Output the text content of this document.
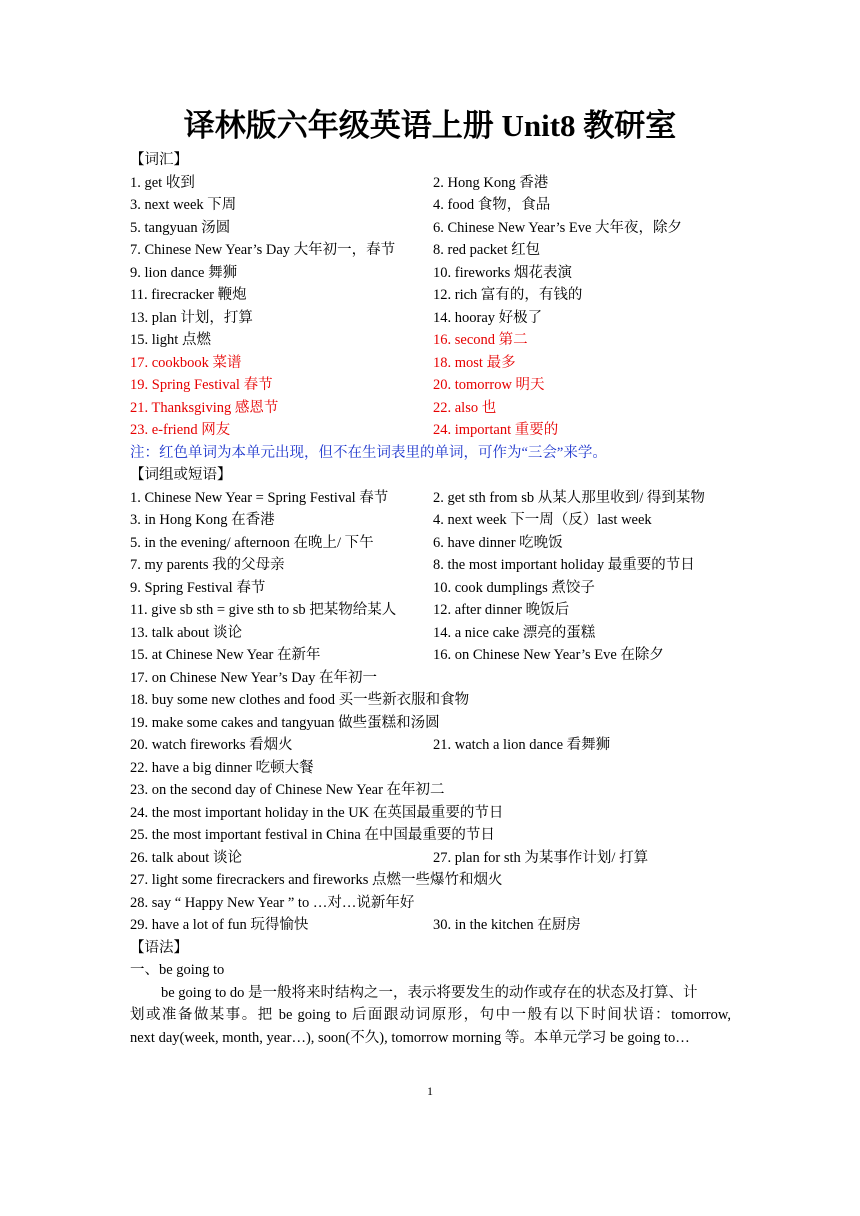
译林版六年级英语上册 Unit8 教研室
【词汇】
1. get 收到	2. Hong Kong 香港
3. next week 下周	4. food 食物，食品
5. tangyuan 汤圆	6. Chinese New Year’s Eve 大年夜，除夕
7. Chinese New Year’s Day 大年初一，春节	8. red packet 红包
9. lion dance 舞狮	10. fireworks 烟花表演
11. firecracker 鞭炮	12. rich 富有的，有钱的
13. plan 计划，打算	14. hooray 好极了
15. light 点燃	16. second 第二
17. cookbook 菜谱	18. most 最多
19. Spring Festival 春节	20. tomorrow 明天
21. Thanksgiving 感恩节	22. also 也
23. e-friend 网友	24. important 重要的
注：红色单词为本单元出现，但不在生词表里的单词，可作为“三会”来学。
【词组或短语】
1. Chinese New Year = Spring Festival 春节	2. get sth from sb 从某人那里收到/ 得到某物
3. in Hong Kong 在香港	4. next week 下一周（反）last week
5. in the evening/ afternoon 在晚上/ 下午	6. have dinner 吃晚饭
7. my parents 我的父母亲	8. the most important holiday 最重要的节日
9. Spring Festival 春节	10. cook dumplings 煮饺子
11. give sb sth = give sth to sb 把某物给某人	12. after dinner 晚饭后
13. talk about 谈论	14. a nice cake 漂亮的蛋糕
15. at Chinese New Year 在新年	16. on Chinese New Year’s Eve 在除夕
17. on Chinese New Year’s Day 在年初一
18. buy some new clothes and food 买一些新衣服和食物
19. make some cakes and tangyuan 做些蛋糕和汤圆
20. watch fireworks 看烟火	21. watch a lion dance 看舞狮
22. have a big dinner 吃顿大餐
23. on the second day of Chinese New Year 在年初二
24. the most important holiday in the UK 在英国最重要的节日
25. the most important festival in China 在中国最重要的节日
26. talk about 谈论	27. plan for sth 为某事作计划/ 打算
27. light some firecrackers and fireworks 点燃一些爆竹和烟火
28. say “ Happy New Year ” to …对…说新年好
29. have a lot of fun 玩得愉快	30. in the kitchen 在厨房
【语法】
一、be going to
be going to do 是一般将来时结构之一，表示将要发生的动作或存在的状态及打算、计
划或准备做某事。把 be going to 后面跟动词原形，句中一般有以下时间状语：tomorrow,
next day(week, month, year…), soon(不久), tomorrow morning 等。本单元学习 be going to…
1
